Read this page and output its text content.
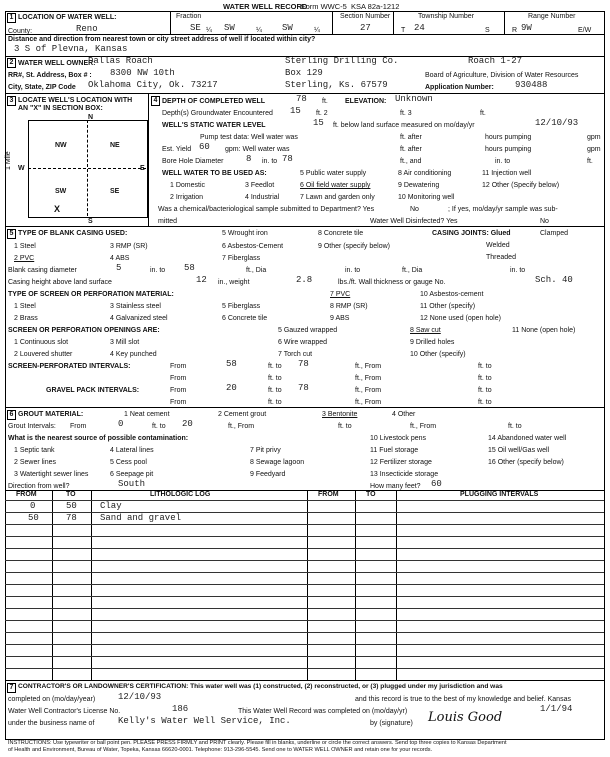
WATER WELL RECORD
Form WWC-5 KSA 82a-1212
1 LOCATION OF WATER WELL:
County:	Reno
Fraction
SE ¼ SW	¼ SW	¼
Section Number
27
Township Number
T 24	S
Range Number
R 9W	E/W
Distance and direction from nearest town or city street address of well if located within city?
3 S of Plevna, Kansas
2 WATER WELL OWNER:
Dallas Roach	Sterling Drilling Co.	Roach 1-27
RR#, St. Address, Box # : 8300 NW 10th	Box 129	Board of Agriculture, Division of Water Resources
City, State, ZIP Code Oklahoma City, Ok. 73217	Sterling, Ks. 67579	Application Number: 930488
3 LOCATE WELL'S LOCATION WITH
AN "X" IN SECTION BOX:
N
S
W	E
1 Mile
NW	NE
SW	SE
X
4 DEPTH OF COMPLETED WELL	78 ft. ELEVATION: Unknown
Depth(s) Groundwater Encountered 15 ft. 2	ft. 3	ft.
WELL'S STATIC WATER LEVEL	15 ft. below land surface measured on mo/day/yr	12/10/93
Pump test data: Well water was	ft. after	hours pumping	gpm
Est. Yield 60 gpm: Well water was	ft. after	hours pumping	gpm
Bore Hole Diameter	8 in. to 78	ft., and	in. to	ft.
WELL WATER TO BE USED AS:	5 Public water supply	8 Air conditioning	11 Injection well
1 Domestic	3 Feedlot	6 Oil field water supply	9 Dewatering	12 Other (Specify below)
2 Irrigation	4 Industrial	7 Lawn and garden only	10 Monitoring well
Was a chemical/bacteriological sample submitted to Department? Yes	No	; If yes, mo/day/yr sample was sub-
mitted	Water Well Disinfected? Yes	No
5 TYPE OF BLANK CASING USED:
1 Steel	3 RMP (SR)
5 Wrought iron	8 Concrete tile
2 PVC	4 ABS
6 Asbestos-Cement	9 Other (specify below)
7 Fiberglass
CASING JOINTS: Glued	Clamped
Welded
Threaded
Blank casing diameter	5	in. to 58	ft., Dia	in. to	ft., Dia	in. to
Casing height above land surface	12 in., weight	2.8	lbs./ft. Wall thickness or gauge No.	Sch. 40
TYPE OF SCREEN OR PERFORATION MATERIAL:
1 Steel	3 Stainless steel	5 Fiberglass
7 PVC	10 Asbestos-cement
2 Brass	4 Galvanized steel	6 Concrete tile
8 RMP (SR)	11 Other (specify)
9 ABS	12 None used (open hole)
SCREEN OR PERFORATION OPENINGS ARE:	5 Gauzed wrapped	8 Saw cut	11 None (open hole)
1 Continuous slot	3 Mill slot	6 Wire wrapped	9 Drilled holes
2 Louvered shutter	4 Key punched	7 Torch cut	10 Other (specify)
SCREEN-PERFORATED INTERVALS:	From	58	ft. to 78	ft., From	ft. to
From	ft. to	ft., From	ft. to
GRAVEL PACK INTERVALS:	From	20	ft. to 78	ft., From	ft. to
From	ft. to	ft., From	ft. to
6 GROUT MATERIAL:	1 Neat cement	2 Cement grout	3 Bentonite	4 Other
Grout Intervals: From	0	ft. to 20	ft., From	ft. to	ft., From	ft. to
What is the nearest source of possible contamination:
1 Septic tank	4 Lateral lines	7 Pit privy
10 Livestock pens	14 Abandoned water well
2 Sewer lines	5 Cess pool	8 Sewage lagoon
11 Fuel storage	15 Oil well/Gas well
3 Watertight sewer lines	6 Seepage pit	9 Feedyard
12 Fertilizer storage	16 Other (specify below)
13 Insecticide storage
Direction from well?	South	How many feet? 60
FROM	TO	LITHOLOGIC LOG	FROM	TO	PLUGGING INTERVALS
0	50	Clay
50	78	Sand and gravel
7 CONTRACTOR'S OR LANDOWNER'S CERTIFICATION: This water well was (1) constructed, (2) reconstructed, or (3) plugged under my jurisdiction and was
completed on (mo/day/year)	12/10/93	and this record is true to the best of my knowledge and belief. Kansas
Water Well Contractor's License No.	186	This Water Well Record was completed on (mo/day/yr)	1/1/94
under the business name of	Kelly's Water Well Service, Inc.	by (signature) Louis Good
INSTRUCTIONS: Use typewriter or ball point pen. PLEASE PRESS FIRMLY and PRINT clearly. Please fill in blanks, underline or circle the correct answers. Send top three copies to Kansas Department
of Health and Environment, Bureau of Water, Topeka, Kansas 66620-0001. Telephone: 913-296-5545. Send one to WATER WELL OWNER and retain one for your records.
